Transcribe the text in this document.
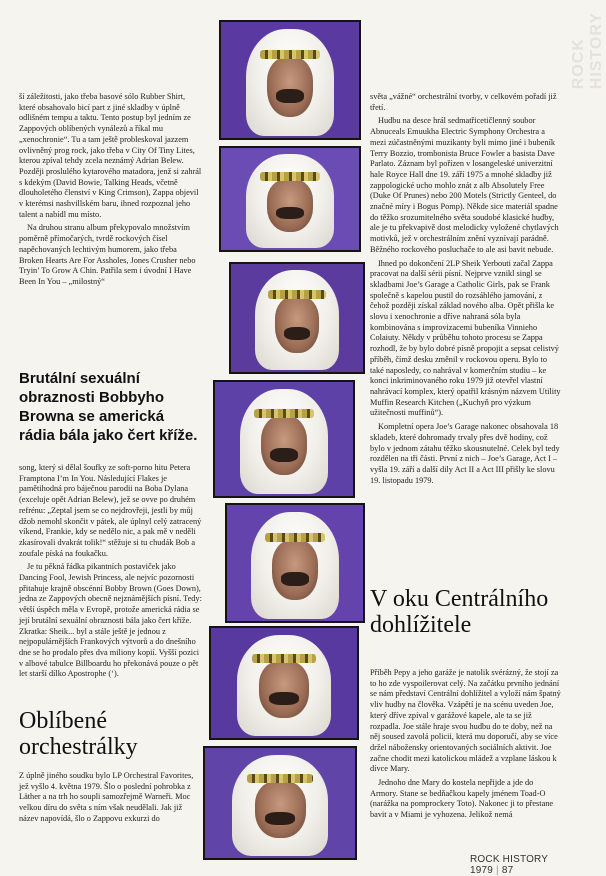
ROCK HISTORY

ší záležitosti, jako třeba basové sólo Rubber Shirt, které obsahovalo bicí part z jiné skladby v úplně odlišném tempu a taktu. Tento postup byl jedním ze Zappových oblíbených vynálezů a říkal mu „xenochronie“. Tu a tam ještě probleskoval jazzem ovlivněný prog rock, jako třeba v City Of Tiny Lites, kterou zpíval tehdy zcela neznámý Adrian Belew. Později proslulého kytarového matadora, jenž si zahrál s kdekým (David Bowie, Talking Heads, včetně dlouholetého členství v King Crimson), Zappa objevil v kterémsi nashvillském baru, ihned rozpoznal jeho talent a nabídl mu místo.

Na druhou stranu album překypovalo množstvím poměrně přímočarých, tvrdě rockových čísel napěchovaných lechtivým humorem, jako třeba Broken Hearts Are For Assholes, Jones Crusher nebo Tryin’ To Grow A Chin. Patřila sem i úvodní I Have Been In You – „milostný“

Brutální sexuální obraznosti Bobbyho Browna se americká rádia bála jako čert kříže.

song, který si dělal šoufky ze soft-porno hitu Petera Framptona I’m In You. Následující Flakes je pamětihodná pro báječnou parodii na Boba Dylana (exceluje opět Adrian Belew), jež se ovve po druhém refrénu: „Zeptal jsem se co nejdrovřeji, jestli by můj džob nemohl skončit v pátek, ale úplnyl celý zatracený víkend, Frankie, kdy se nedělo nic, a pak mě v neděli zkasírovali dvakrát tolik!“ stěžuje si tu chudák Bob a zoufale píská na foukačku.

Je tu pěkná řádka pikantních postaviček jako Dancing Fool, Jewish Princess, ale nejvíc pozornosti přitahuje krajně obscénní Bobby Brown (Goes Down), jedna ze Zappových obecně nejznámějších písní. Tedy: větší úspěch měla v Evropě, protože americká rádia se její brutální sexuální obraznosti bála jako čert kříže. Zkratka: Sheik... byl a stále ještě je jednou z nejpopulárnějších Frankových výtvorů a do dnešního dne se ho prodalo přes dva miliony kopií. Vyšší pozici v albové tabulce Billboardu ho překonává pouze o pět let starší dílko Apostrophe (‘).

Oblíbené orchestrálky

Z úplně jiného soudku bylo LP Orchestral Favorites, jež vyšlo 4. května 1979. Šlo o poslední pohrobka z Läther a na trh ho soupli samozřejmě Warneři. Moc velkou díru do světa s ním však neudělali. Jak již název napovídá, šlo o Zappovu exkurzi do

světa „vážné“ orchestrální tvorby, v celkovém pořadí již třetí.

Hudbu na desce hrál sedmatřicetičlenný soubor Abnuceals Emuukha Electric Symphony Orchestra a mezi zúčastněnými muzikanty byli mimo jiné i bubeník Terry Bozzio, trombonista Bruce Fowler a basista Dave Parlato. Záznam byl pořízen v losangeleské univerzitní hale Royce Hall dne 19. září 1975 a mnohé skladby již zappologické ucho mohlo znát z alb Absolutely Free (Duke Of Prunes) nebo 200 Motels (Strictly Genteel, do značné míry i Bogus Pomp). Někde sice materiál spadne do těžko srozumitelného světa soudobé klasické hudby, ale je tu překvapivě dost melodicky vyložené chytlavých motivků, jež v orchestrálním znění vyznívají parádně. Běžného rockového posluchače to ale asi bavit nebude.

Ihned po dokončení 2LP Sheik Yerbouti začal Zappa pracovat na další sérii písní. Nejprve vznikl singl se skladbami Joe’s Garage a Catholic Girls, pak se Frank společně s kapelou pustil do rozsáhlého jamování, z čehož později získal základ nového alba. Opět přišla ke slovu i xenochronie a dříve nahraná sóla byla kombinována s improvizacemi bubeníka Vinnieho Colaiuty. Někdy v průběhu tohoto procesu se Zappa rozhodl, že by bylo dobré písně propojit a sepsat celistvý příběh, čímž desku změnil v rockovou operu. Bylo to také naposledy, co nahrával v komerčním studiu – ke konci inkriminovaného roku 1979 již otevřel vlastní nahrávací komplex, který opatřil krásným názvem Utility Muffin Research Kitchen („Kuchyň pro výzkum užitečnosti muffinů“).

Kompletní opera Joe’s Garage nakonec obsahovala 18 skladeb, které dohromady trvaly přes dvě hodiny, což bylo v jednom zátahu těžko skousnutelné. Celek byl tedy rozdělen na tři části. První z nich – Joe’s Garage, Act I – vyšla 19. září a další dily Act II a Act III přišly ke slovu 19. listopadu 1979.

V oku Centrálního dohlížitele

Příběh Pepy a jeho garáže je natolik svérázný, že stojí za to ho zde vyspoilerovat celý. Na začátku prvního jednání se nám představí Centrální dohlížitel a vyloží nám špatný vliv hudby na člověka. Vzápětí je na scénu uveden Joe, který dříve zpíval v garážové kapele, ale ta se již rozpadla. Joe stále hraje svou hudbu do te doby, než na něj soused zavolá policii, která mu doporučí, aby se více držel nábožensky orientovaných sociálních aktivit. Joe začne chodit mezi katolickou mládež a vzplane láskou k dívce Mary.

Jednoho dne Mary do kostela nepřijde a jde do Armory. Stane se bedňačkou kapely jménem Toad-O (narážka na pomprockery Toto). Nakonec ji to přestane bavit a v Miami je vyhozena. Jelikož nemá

ROCK HISTORY 1979 | 87
